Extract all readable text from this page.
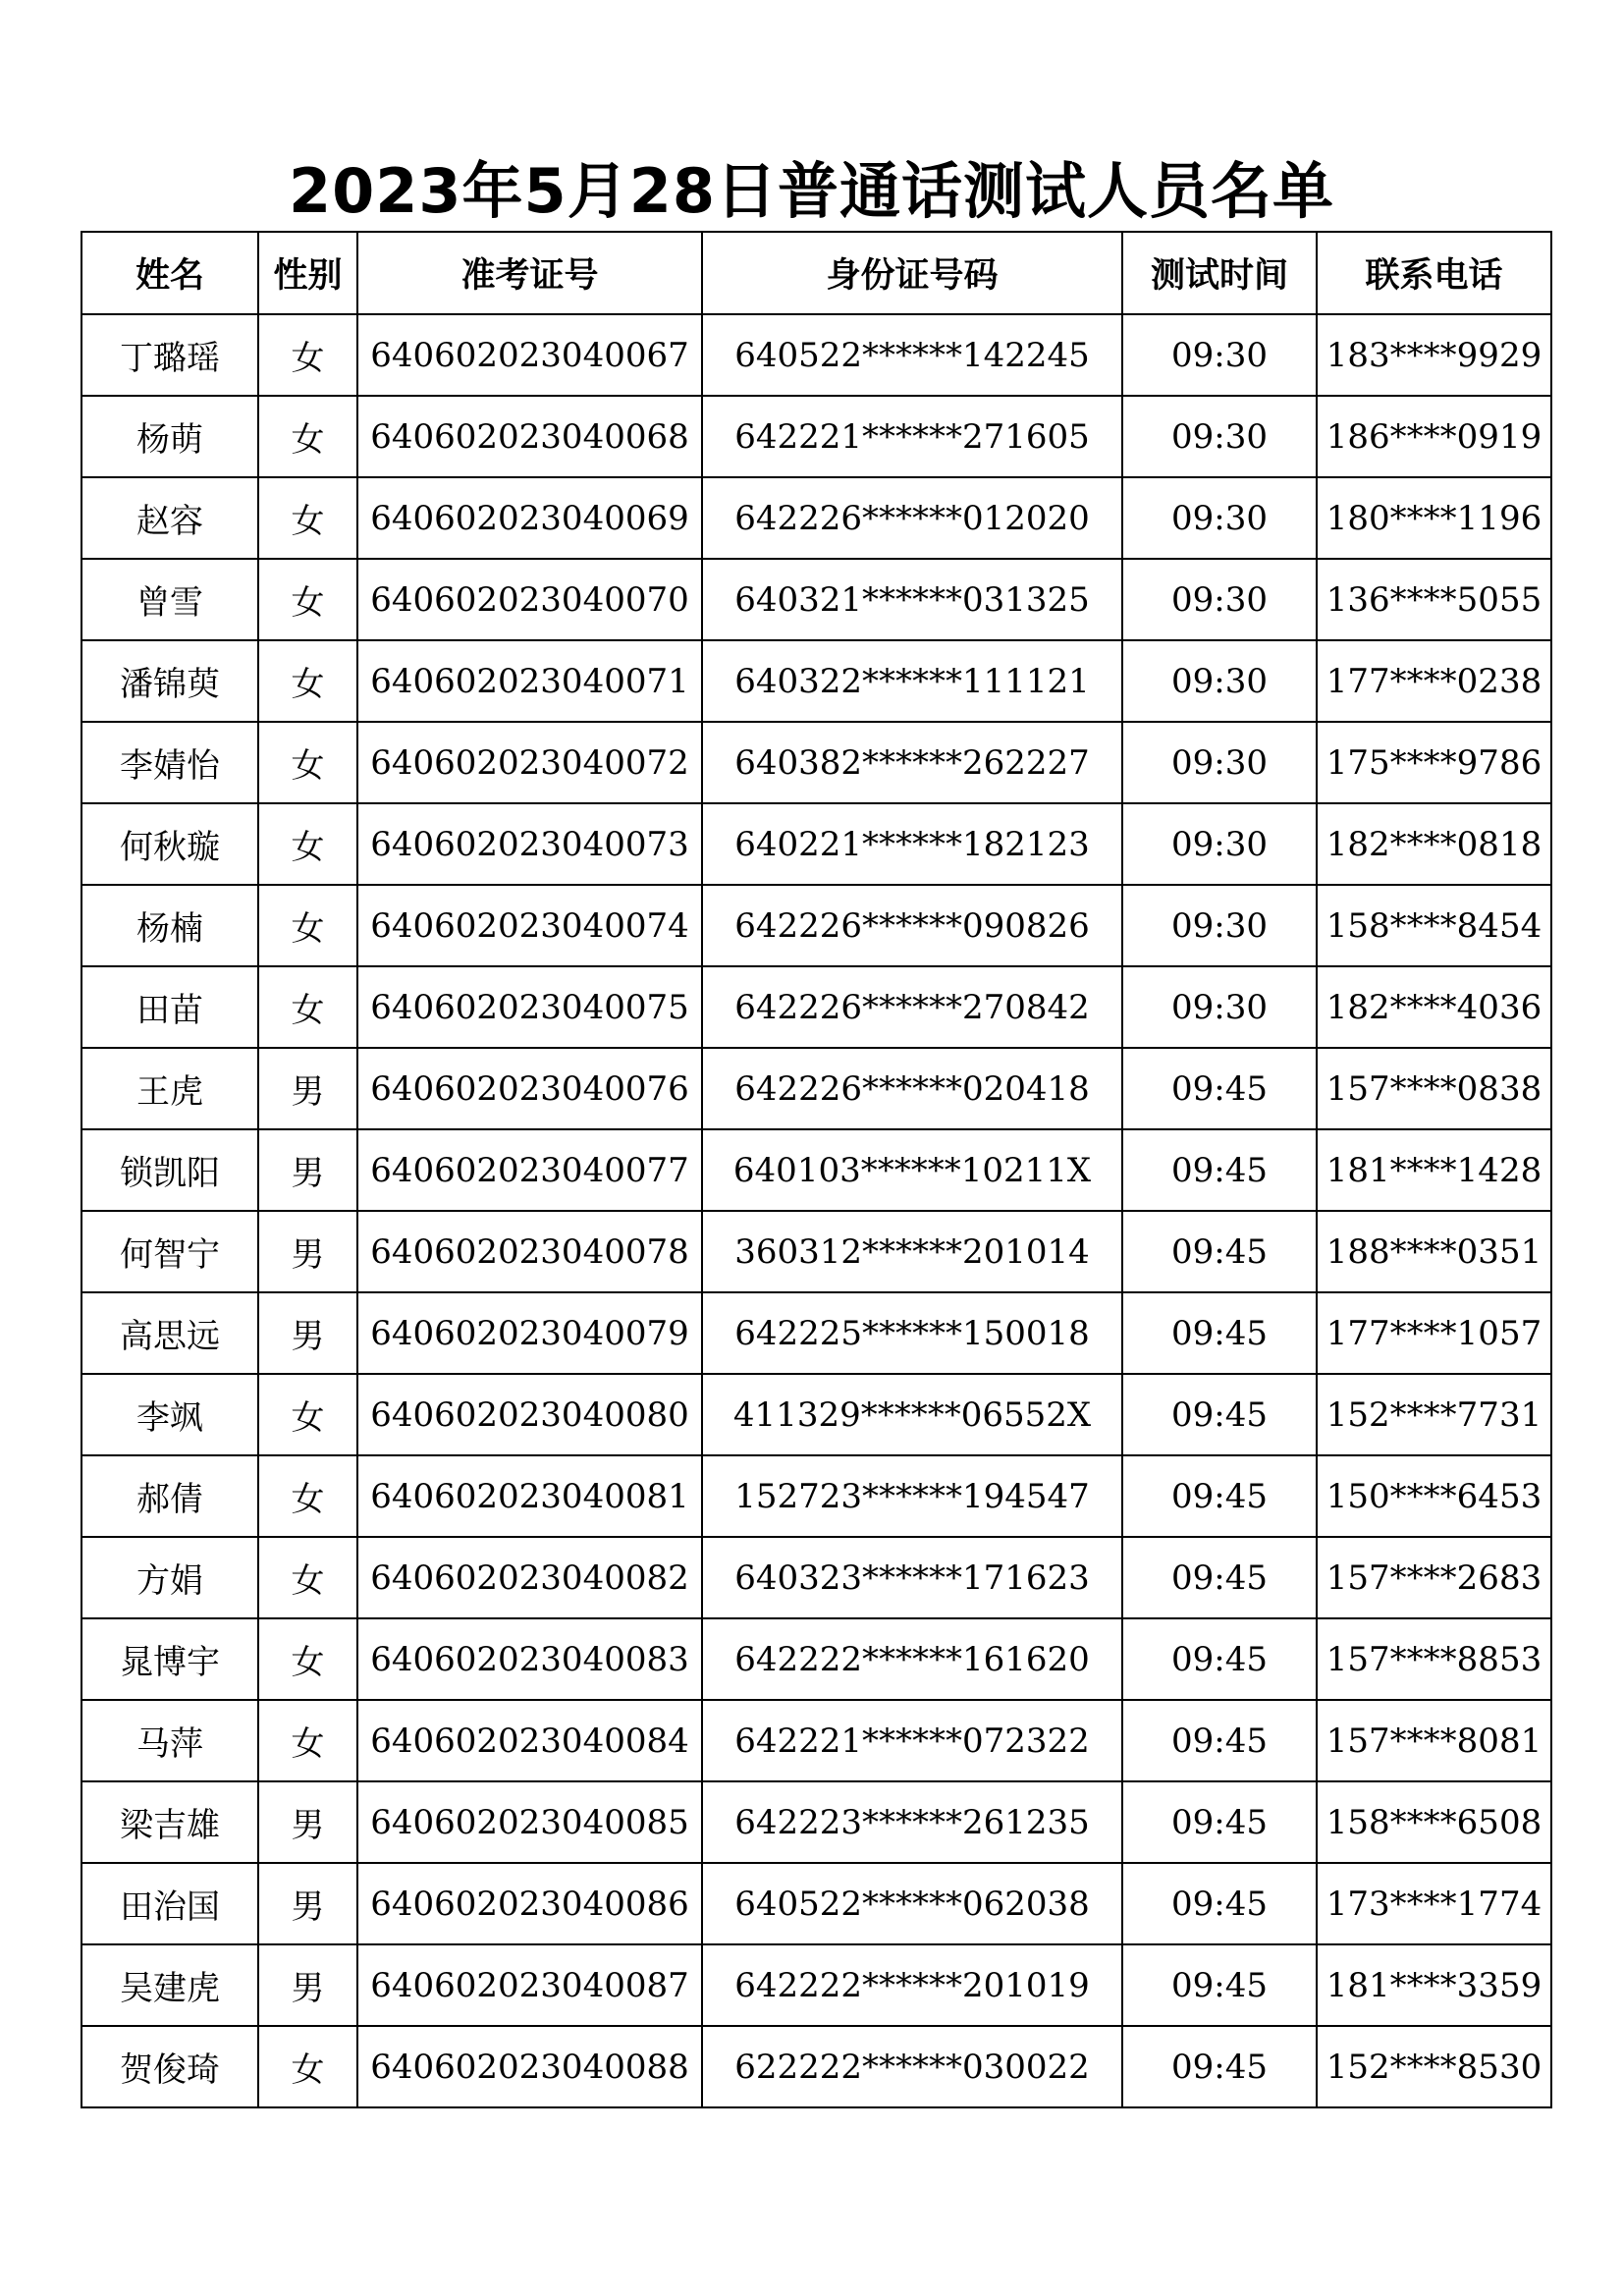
2023年5月28日普通话测试人员名单
姓名	性别	准考证号	身份证号码	测试时间	联系电话
丁璐瑶	女	640602023040067	640522******142245	09:30	183****9929
杨萌	女	640602023040068	642221******271605	09:30	186****0919
赵容	女	640602023040069	642226******012020	09:30	180****1196
曾雪	女	640602023040070	640321******031325	09:30	136****5055
潘锦萸	女	640602023040071	640322******111121	09:30	177****0238
李婧怡	女	640602023040072	640382******262227	09:30	175****9786
何秋璇	女	640602023040073	640221******182123	09:30	182****0818
杨楠	女	640602023040074	642226******090826	09:30	158****8454
田苗	女	640602023040075	642226******270842	09:30	182****4036
王虎	男	640602023040076	642226******020418	09:45	157****0838
锁凯阳	男	640602023040077	640103******10211X	09:45	181****1428
何智宁	男	640602023040078	360312******201014	09:45	188****0351
高思远	男	640602023040079	642225******150018	09:45	177****1057
李飒	女	640602023040080	411329******06552X	09:45	152****7731
郝倩	女	640602023040081	152723******194547	09:45	150****6453
方娟	女	640602023040082	640323******171623	09:45	157****2683
晁博宇	女	640602023040083	642222******161620	09:45	157****8853
马萍	女	640602023040084	642221******072322	09:45	157****8081
梁吉雄	男	640602023040085	642223******261235	09:45	158****6508
田治国	男	640602023040086	640522******062038	09:45	173****1774
吴建虎	男	640602023040087	642222******201019	09:45	181****3359
贺俊琦	女	640602023040088	622222******030022	09:45	152****8530
